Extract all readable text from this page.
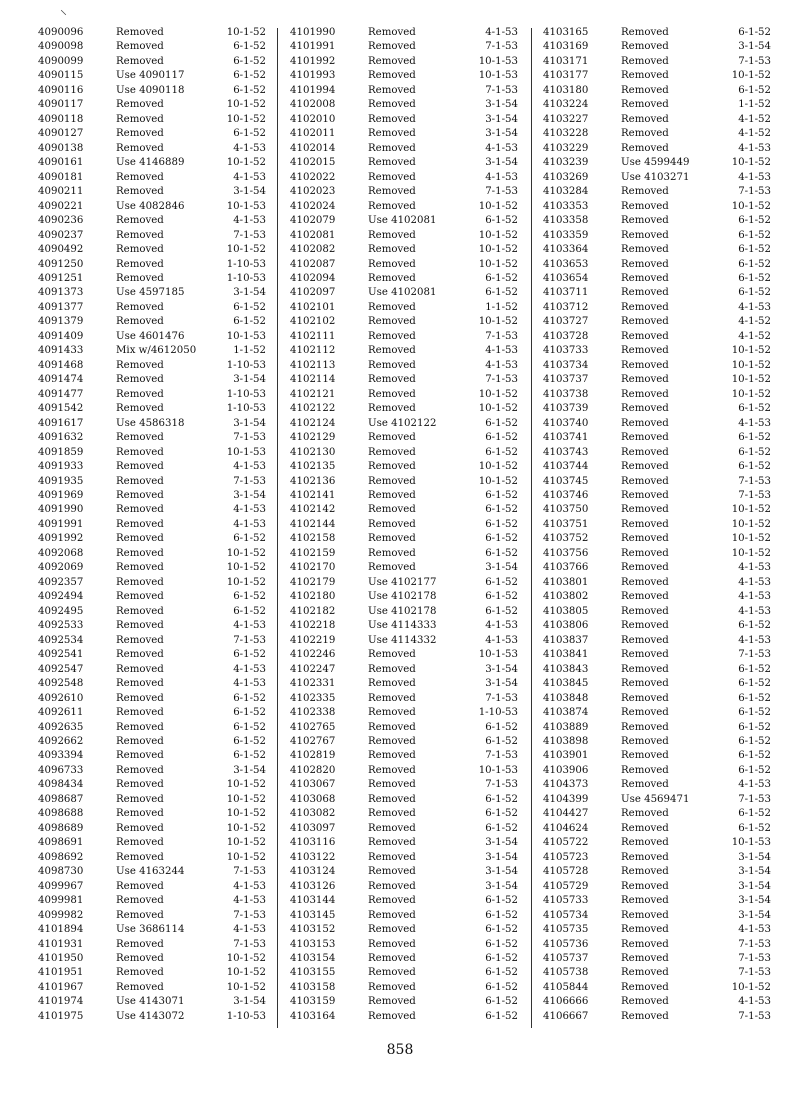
⸜
4090096	Removed	10-1-52
4090098	Removed	6-1-52
4090099	Removed	6-1-52
4090115	Use 4090117	6-1-52
4090116	Use 4090118	6-1-52
4090117	Removed	10-1-52
4090118	Removed	10-1-52
4090127	Removed	6-1-52
4090138	Removed	4-1-53
4090161	Use 4146889	10-1-52
4090181	Removed	4-1-53
4090211	Removed	3-1-54
4090221	Use 4082846	10-1-53
4090236	Removed	4-1-53
4090237	Removed	7-1-53
4090492	Removed	10-1-52
4091250	Removed	1-10-53
4091251	Removed	1-10-53
4091373	Use 4597185	3-1-54
4091377	Removed	6-1-52
4091379	Removed	6-1-52
4091409	Use 4601476	10-1-53
4091433	Mix w/4612050	1-1-52
4091468	Removed	1-10-53
4091474	Removed	3-1-54
4091477	Removed	1-10-53
4091542	Removed	1-10-53
4091617	Use 4586318	3-1-54
4091632	Removed	7-1-53
4091859	Removed	10-1-53
4091933	Removed	4-1-53
4091935	Removed	7-1-53
4091969	Removed	3-1-54
4091990	Removed	4-1-53
4091991	Removed	4-1-53
4091992	Removed	6-1-52
4092068	Removed	10-1-52
4092069	Removed	10-1-52
4092357	Removed	10-1-52
4092494	Removed	6-1-52
4092495	Removed	6-1-52
4092533	Removed	4-1-53
4092534	Removed	7-1-53
4092541	Removed	6-1-52
4092547	Removed	4-1-53
4092548	Removed	4-1-53
4092610	Removed	6-1-52
4092611	Removed	6-1-52
4092635	Removed	6-1-52
4092662	Removed	6-1-52
4093394	Removed	6-1-52
4096733	Removed	3-1-54
4098434	Removed	10-1-52
4098687	Removed	10-1-52
4098688	Removed	10-1-52
4098689	Removed	10-1-52
4098691	Removed	10-1-52
4098692	Removed	10-1-52
4098730	Use 4163244	7-1-53
4099967	Removed	4-1-53
4099981	Removed	4-1-53
4099982	Removed	7-1-53
4101894	Use 3686114	4-1-53
4101931	Removed	7-1-53
4101950	Removed	10-1-52
4101951	Removed	10-1-52
4101967	Removed	10-1-52
4101974	Use 4143071	3-1-54
4101975	Use 4143072	1-10-53
4101990	Removed	4-1-53
4101991	Removed	7-1-53
4101992	Removed	10-1-53
4101993	Removed	10-1-53
4101994	Removed	7-1-53
4102008	Removed	3-1-54
4102010	Removed	3-1-54
4102011	Removed	3-1-54
4102014	Removed	4-1-53
4102015	Removed	3-1-54
4102022	Removed	4-1-53
4102023	Removed	7-1-53
4102024	Removed	10-1-52
4102079	Use 4102081	6-1-52
4102081	Removed	10-1-52
4102082	Removed	10-1-52
4102087	Removed	10-1-52
4102094	Removed	6-1-52
4102097	Use 4102081	6-1-52
4102101	Removed	1-1-52
4102102	Removed	10-1-52
4102111	Removed	7-1-53
4102112	Removed	4-1-53
4102113	Removed	4-1-53
4102114	Removed	7-1-53
4102121	Removed	10-1-52
4102122	Removed	10-1-52
4102124	Use 4102122	6-1-52
4102129	Removed	6-1-52
4102130	Removed	6-1-52
4102135	Removed	10-1-52
4102136	Removed	10-1-52
4102141	Removed	6-1-52
4102142	Removed	6-1-52
4102144	Removed	6-1-52
4102158	Removed	6-1-52
4102159	Removed	6-1-52
4102170	Removed	3-1-54
4102179	Use 4102177	6-1-52
4102180	Use 4102178	6-1-52
4102182	Use 4102178	6-1-52
4102218	Use 4114333	4-1-53
4102219	Use 4114332	4-1-53
4102246	Removed	10-1-53
4102247	Removed	3-1-54
4102331	Removed	3-1-54
4102335	Removed	7-1-53
4102338	Removed	1-10-53
4102765	Removed	6-1-52
4102767	Removed	6-1-52
4102819	Removed	7-1-53
4102820	Removed	10-1-53
4103067	Removed	7-1-53
4103068	Removed	6-1-52
4103082	Removed	6-1-52
4103097	Removed	6-1-52
4103116	Removed	3-1-54
4103122	Removed	3-1-54
4103124	Removed	3-1-54
4103126	Removed	3-1-54
4103144	Removed	6-1-52
4103145	Removed	6-1-52
4103152	Removed	6-1-52
4103153	Removed	6-1-52
4103154	Removed	6-1-52
4103155	Removed	6-1-52
4103158	Removed	6-1-52
4103159	Removed	6-1-52
4103164	Removed	6-1-52
4103165	Removed	6-1-52
4103169	Removed	3-1-54
4103171	Removed	7-1-53
4103177	Removed	10-1-52
4103180	Removed	6-1-52
4103224	Removed	1-1-52
4103227	Removed	4-1-52
4103228	Removed	4-1-52
4103229	Removed	4-1-53
4103239	Use 4599449	10-1-52
4103269	Use 4103271	4-1-53
4103284	Removed	7-1-53
4103353	Removed	10-1-52
4103358	Removed	6-1-52
4103359	Removed	6-1-52
4103364	Removed	6-1-52
4103653	Removed	6-1-52
4103654	Removed	6-1-52
4103711	Removed	6-1-52
4103712	Removed	4-1-53
4103727	Removed	4-1-52
4103728	Removed	4-1-52
4103733	Removed	10-1-52
4103734	Removed	10-1-52
4103737	Removed	10-1-52
4103738	Removed	10-1-52
4103739	Removed	6-1-52
4103740	Removed	4-1-53
4103741	Removed	6-1-52
4103743	Removed	6-1-52
4103744	Removed	6-1-52
4103745	Removed	7-1-53
4103746	Removed	7-1-53
4103750	Removed	10-1-52
4103751	Removed	10-1-52
4103752	Removed	10-1-52
4103756	Removed	10-1-52
4103766	Removed	4-1-53
4103801	Removed	4-1-53
4103802	Removed	4-1-53
4103805	Removed	4-1-53
4103806	Removed	6-1-52
4103837	Removed	4-1-53
4103841	Removed	7-1-53
4103843	Removed	6-1-52
4103845	Removed	6-1-52
4103848	Removed	6-1-52
4103874	Removed	6-1-52
4103889	Removed	6-1-52
4103898	Removed	6-1-52
4103901	Removed	6-1-52
4103906	Removed	6-1-52
4104373	Removed	4-1-53
4104399	Use 4569471	7-1-53
4104427	Removed	6-1-52
4104624	Removed	6-1-52
4105722	Removed	10-1-53
4105723	Removed	3-1-54
4105728	Removed	3-1-54
4105729	Removed	3-1-54
4105733	Removed	3-1-54
4105734	Removed	3-1-54
4105735	Removed	4-1-53
4105736	Removed	7-1-53
4105737	Removed	7-1-53
4105738	Removed	7-1-53
4105844	Removed	10-1-52
4106666	Removed	4-1-53
4106667	Removed	7-1-53
858
